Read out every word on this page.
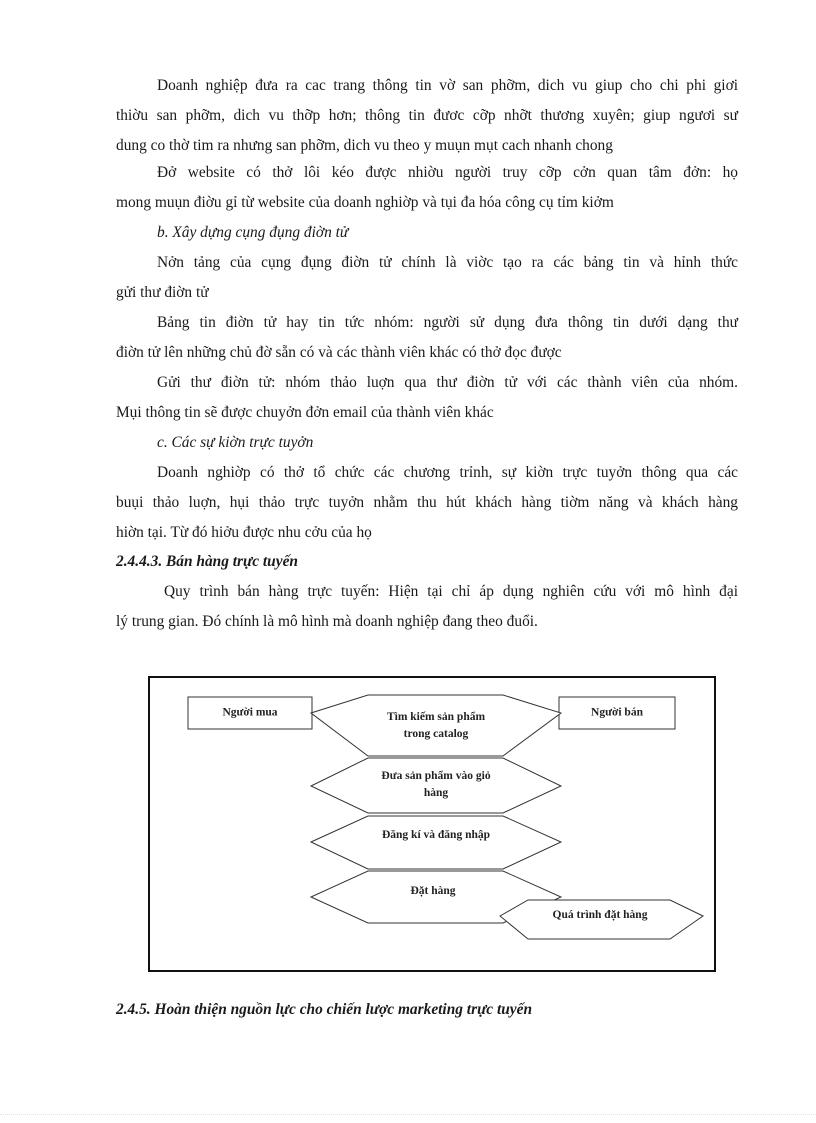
Doanh nghiệp đưa ra cac trang thông tin vờ san phỡm, dich vu giup cho chi phi giơi
thiờu san phỡm, dich vu thỡp hơn; thông tin đươc cỡp nhỡt thương xuyên; giup ngươi sư
dung co thờ tim ra nhưng san phỡm, dich vu theo y muụn mụt cach nhanh chong
Đở website có thở lôi kéo được nhiờu người truy cỡp cởn quan tâm đởn: họ
mong muụn điờu gỉ từ website của doanh nghiờp và tụi đa hóa công cụ tỉm kiởm
b. Xây dựng cụng đụng điờn tử
Nởn tảng của cụng đụng điờn tử chính là viờc tạo ra các bảng tin và hỉnh thức
gửi thư điờn tử
Bảng tin điờn tử hay tin tức nhóm: người sử dụng đưa thông tin dưới dạng thư
điờn tử lên những chủ đờ sẵn có và các thành viên khác có thở đọc được
Gửi thư điờn tử: nhóm thảo luợn qua thư điờn tử với các thành viên của nhóm.
Mụi thông tin sẽ được chuyởn đởn email của thành viên khác
c. Các sự kiờn trực tuyởn
Doanh nghiờp có thở tổ chức các chương trỉnh, sự kiờn trực tuyởn thông qua các
buụi thảo luợn, hụi thảo trực tuyởn nhằm thu hút khách hàng tiờm năng và khách hàng
hiờn tại. Từ đó hiởu được nhu cởu của họ
2.4.4.3. Bán hàng trực tuyến
Quy trình bán hàng trực tuyến: Hiện tại chỉ áp dụng nghiên cứu với mô hình đại
lý trung gian. Đó chính là mô hình mà doanh nghiệp đang theo đuổi.
Người mua	Người bán
Tìm kiếm sản phẩm
trong catalog
Đưa sản phẩm vào giỏ
hàng
Đăng kí và đăng nhập
Đặt hàng
Quá trình đặt hàng
2.4.5. Hoàn thiện nguồn lực cho chiến lược marketing trực tuyến
